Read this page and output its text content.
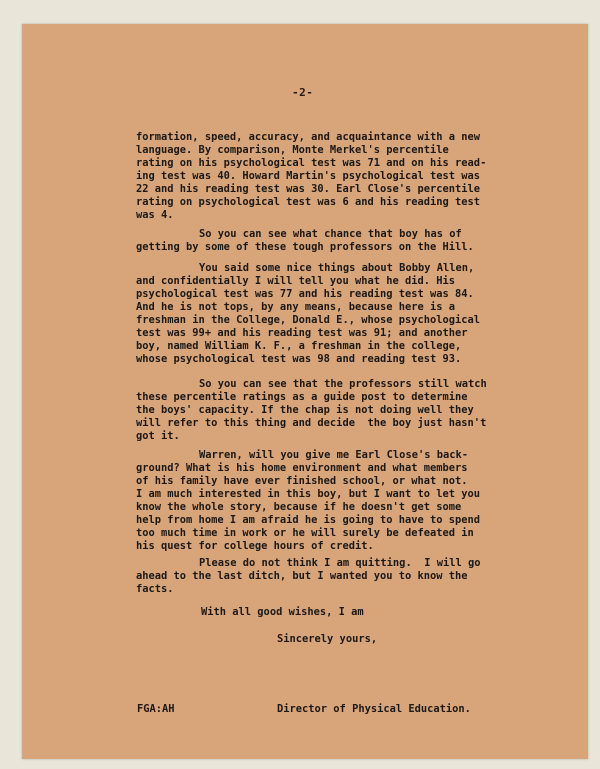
-2-
formation, speed, accuracy, and acquaintance with a new
language. By comparison, Monte Merkel's percentile
rating on his psychological test was 71 and on his read-
ing test was 40. Howard Martin's psychological test was
22 and his reading test was 30. Earl Close's percentile
rating on psychological test was 6 and his reading test
was 4.
So you can see what chance that boy has of
getting by some of these tough professors on the Hill.
You said some nice things about Bobby Allen,
and confidentially I will tell you what he did. His
psychological test was 77 and his reading test was 84.
And he is not tops, by any means, because here is a
freshman in the College, Donald E., whose psychological
test was 99+ and his reading test was 91; and another
boy, named William K. F., a freshman in the college,
whose psychological test was 98 and reading test 93.
So you can see that the professors still watch
these percentile ratings as a guide post to determine
the boys' capacity. If the chap is not doing well they
will refer to this thing and decide  the boy just hasn't
got it.
Warren, will you give me Earl Close's back-
ground? What is his home environment and what members
of his family have ever finished school, or what not.
I am much interested in this boy, but I want to let you
know the whole story, because if he doesn't get some
help from home I am afraid he is going to have to spend
too much time in work or he will surely be defeated in
his quest for college hours of credit.
Please do not think I am quitting.  I will go
ahead to the last ditch, but I wanted you to know the
facts.
With all good wishes, I am
Sincerely yours,
FGA:AH	Director of Physical Education.
